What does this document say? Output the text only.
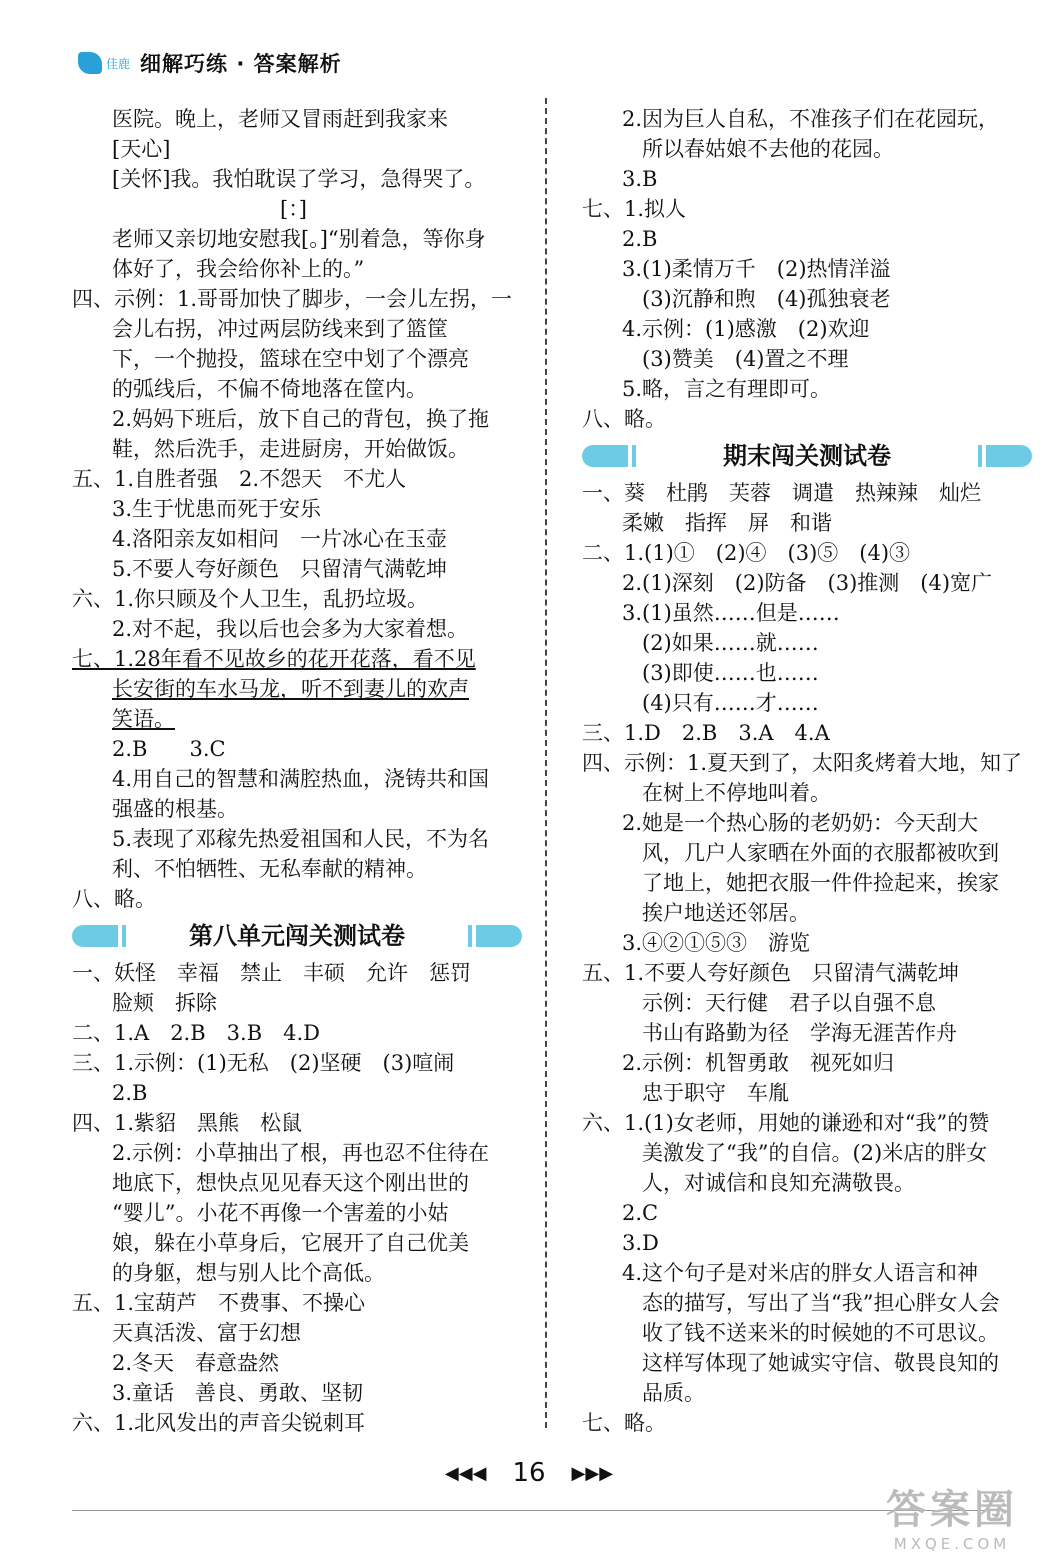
佳鹿 细解巧练 · 答案解析
医院。晚上，老师又冒雨赶到我家来
[天心]
[关怀]我。我怕耽误了学习，急得哭了。
　　　　　　　　[：]
老师又亲切地安慰我[。]“别着急，等你身
体好了，我会给你补上的。”
四、示例：1.哥哥加快了脚步，一会儿左拐，一
会儿右拐，冲过两层防线来到了篮筐
下，一个抛投，篮球在空中划了个漂亮
的弧线后，不偏不倚地落在筐内。
2.妈妈下班后，放下自己的背包，换了拖
鞋，然后洗手，走进厨房，开始做饭。
五、1.自胜者强　2.不怨天　不尤人
3.生于忧患而死于安乐
4.洛阳亲友如相问　一片冰心在玉壶
5.不要人夸好颜色　只留清气满乾坤
六、1.你只顾及个人卫生，乱扔垃圾。
2.对不起，我以后也会多为大家着想。
七、1.28年看不见故乡的花开花落，看不见
长安街的车水马龙，听不到妻儿的欢声
笑语。
2.B　　3.C
4.用自己的智慧和满腔热血，浇铸共和国
强盛的根基。
5.表现了邓稼先热爱祖国和人民，不为名
利、不怕牺牲、无私奉献的精神。
八、略。
第八单元闯关测试卷
一、妖怪　幸福　禁止　丰硕　允许　惩罚
脸颊　拆除
二、1.A　2.B　3.B　4.D
三、1.示例：(1)无私　(2)坚硬　(3)喧闹
2.B
四、1.紫貂　黑熊　松鼠
2.示例：小草抽出了根，再也忍不住待在
地底下，想快点见见春天这个刚出世的
“婴儿”。小花不再像一个害羞的小姑
娘，躲在小草身后，它展开了自己优美
的身躯，想与别人比个高低。
五、1.宝葫芦　不费事、不操心
天真活泼、富于幻想
2.冬天　春意盎然
3.童话　善良、勇敢、坚韧
六、1.北风发出的声音尖锐刺耳
2.因为巨人自私，不准孩子们在花园玩，
所以春姑娘不去他的花园。
3.B
七、1.拟人
2.B
3.(1)柔情万千　(2)热情洋溢
(3)沉静和煦　(4)孤独衰老
4.示例：(1)感激　(2)欢迎
(3)赞美　(4)置之不理
5.略，言之有理即可。
八、略。
期末闯关测试卷
一、葵　杜鹃　芙蓉　调遣　热辣辣　灿烂
柔嫩　指挥　屏　和谐
二、1.(1)①　(2)④　(3)⑤　(4)③
2.(1)深刻　(2)防备　(3)推测　(4)宽广
3.(1)虽然……但是……
(2)如果……就……
(3)即使……也……
(4)只有……才……
三、1.D　2.B　3.A　4.A
四、示例：1.夏天到了，太阳炙烤着大地，知了
在树上不停地叫着。
2.她是一个热心肠的老奶奶：今天刮大
风，几户人家晒在外面的衣服都被吹到
了地上，她把衣服一件件捡起来，挨家
挨户地送还邻居。
3.④②①⑤③　游览
五、1.不要人夸好颜色　只留清气满乾坤
示例：天行健　君子以自强不息
书山有路勤为径　学海无涯苦作舟
2.示例：机智勇敢　视死如归
忠于职守　车胤
六、1.(1)女老师，用她的谦逊和对“我”的赞
美激发了“我”的自信。(2)米店的胖女
人，对诚信和良知充满敬畏。
2.C
3.D
4.这个句子是对米店的胖女人语言和神
态的描写，写出了当“我”担心胖女人会
收了钱不送来米的时候她的不可思议。
这样写体现了她诚实守信、敬畏良知的
品质。
七、略。
◀◀◀ 16 ▶▶▶
答案圈
MXQE.COM
